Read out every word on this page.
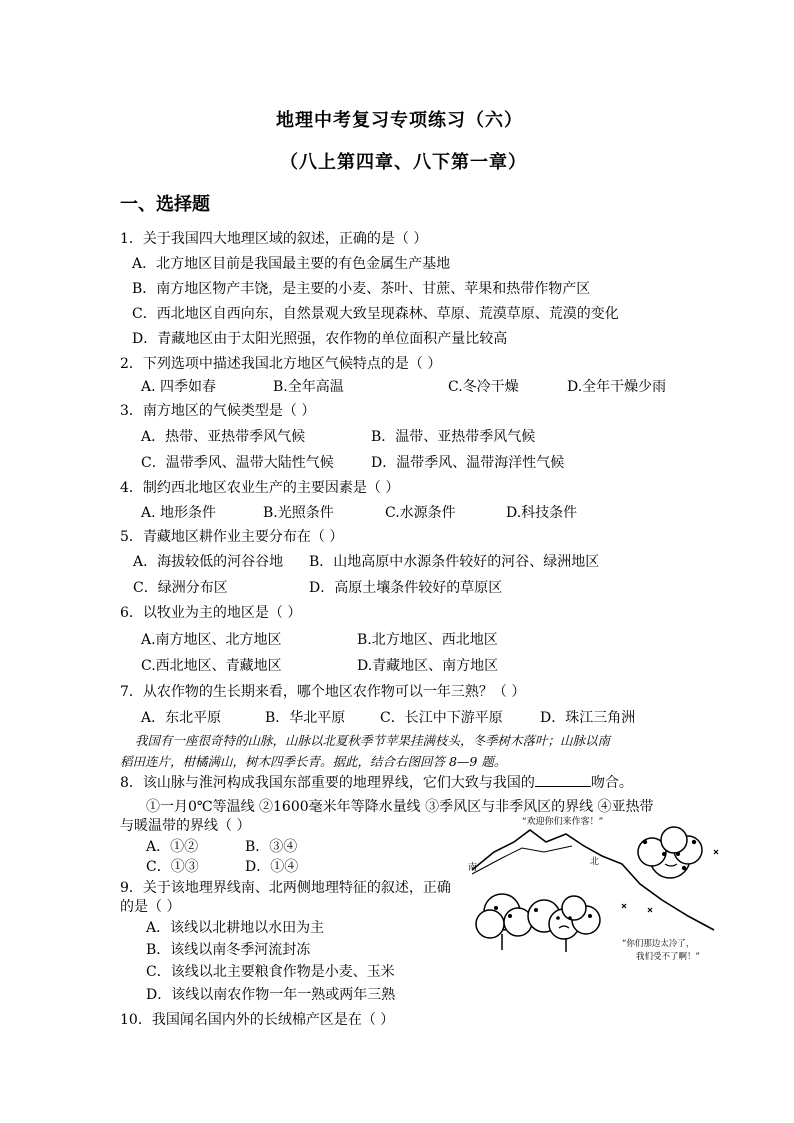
地理中考复习专项练习（六）
（八上第四章、八下第一章）
一、选择题
1．关于我国四大地理区域的叙述，正确的是（ ）
A．北方地区目前是我国最主要的有色金属生产基地
B．南方地区物产丰饶，是主要的小麦、茶叶、甘蔗、苹果和热带作物产区
C．西北地区自西向东，自然景观大致呈现森林、草原、荒漠草原、荒漠的变化
D．青藏地区由于太阳光照强，农作物的单位面积产量比较高
2．下列选项中描述我国北方地区气候特点的是（ ）
A. 四季如春	B.全年高温	C.冬冷干燥	D.全年干燥少雨
3．南方地区的气候类型是（ ）
A．热带、亚热带季风气候	B．温带、亚热带季风气候
C．温带季风、温带大陆性气候	D．温带季风、温带海洋性气候
4．制约西北地区农业生产的主要因素是（ ）
A. 地形条件	B.光照条件	C.水源条件	D.科技条件
5．青藏地区耕作业主要分布在（ ）
A．海拔较低的河谷谷地 B．山地高原中水源条件较好的河谷、绿洲地区
C．绿洲分布区	D．高原土壤条件较好的草原区
6．以牧业为主的地区是（ ）
A.南方地区、北方地区	B.北方地区、西北地区
C.西北地区、青藏地区	D.青藏地区、南方地区
7．从农作物的生长期来看，哪个地区农作物可以一年三熟？（ ）
A．东北平原	B．华北平原 C．长江中下游平原	D．珠江三角洲
我国有一座很奇特的山脉，山脉以北夏秋季节苹果挂满枝头，冬季树木落叶；山脉以南
稻田连片，柑橘满山，树木四季长青。据此，结合右图回答 8—9 题。
8．该山脉与淮河构成我国东部重要的地理界线，它们大致与我国的	吻合。
①一月0℃等温线 ②1600毫米年等降水量线 ③季风区与非季风区的界线 ④亚热带
与暖温带的界线（ ）
A．①②	B．③④
C．①③	D．①④
9．关于该地理界线南、北两侧地理特征的叙述，正确
的是（ ）
A．该线以北耕地以水田为主
B．该线以南冬季河流封冻
C．该线以北主要粮食作物是小麦、玉米
D．该线以南农作物一年一熟或两年三熟
10．我国闻名国内外的长绒棉产区是在（ ）
“欢迎你们来作客！”
南
北
“你们那边太冷了，
我们受不了啊！”
